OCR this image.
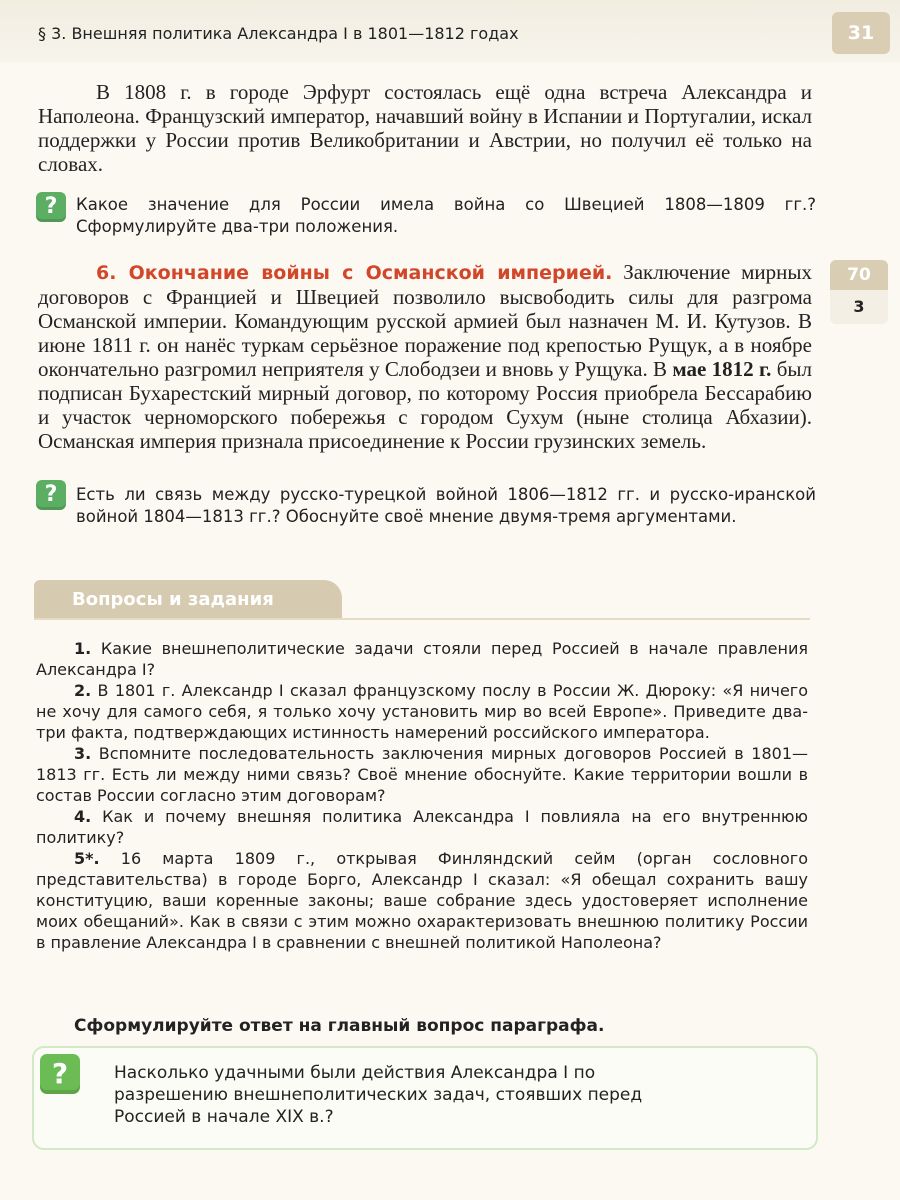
§ 3. Внешняя политика Александра I в 1801—1812 годах	31
70
3
В 1808 г. в городе Эрфурт состоялась ещё одна встреча Александра и Наполеона. Французский император, начавший войну в Испании и Португалии, искал поддержки у России против Великобритании и Австрии, но получил её только на словах.
?	Какое значение для России имела война со Швецией 1808—1809 гг.? Сформулируйте два-три положения.
6. Окончание войны с Османской империей. Заключение мирных договоров с Францией и Швецией позволило высвободить силы для разгрома Османской империи. Командующим русской армией был назначен М. И. Кутузов. В июне 1811 г. он нанёс туркам серьёзное поражение под крепостью Рущук, а в ноябре окончательно разгромил неприятеля у Слободзеи и вновь у Рущука. В мае 1812 г. был подписан Бухарестский мирный договор, по которому Россия приобрела Бессарабию и участок черноморского побережья с городом Сухум (ныне столица Абхазии). Османская империя признала присоединение к России грузинских земель.
?	Есть ли связь между русско-турецкой войной 1806—1812 гг. и русско-иранской войной 1804—1813 гг.? Обоснуйте своё мнение двумя-тремя аргументами.
Вопросы и задания

1. Какие внешнеполитические задачи стояли перед Россией в начале правления Александра I?

2. В 1801 г. Александр I сказал французскому послу в России Ж. Дюроку: «Я ничего не хочу для самого себя, я только хочу установить мир во всей Европе». Приведите два-три факта, подтверждающих истинность намерений российского императора.

3. Вспомните последовательность заключения мирных договоров Россией в 1801—1813 гг. Есть ли между ними связь? Своё мнение обоснуйте. Какие территории вошли в состав России согласно этим договорам?

4. Как и почему внешняя политика Александра I повлияла на его внутреннюю политику?

5*. 16 марта 1809 г., открывая Финляндский сейм (орган сословного представительства) в городе Борго, Александр I сказал: «Я обещал сохранить вашу конституцию, ваши коренные законы; ваше собрание здесь удостоверяет исполнение моих обещаний». Как в связи с этим можно охарактеризовать внешнюю политику России в правление Александра I в сравнении с внешней политикой Наполеона?

Сформулируйте ответ на главный вопрос параграфа.
?	Насколько удачными были действия Александра I по разрешению внешнеполитических задач, стоявших перед Россией в начале XIX в.?
